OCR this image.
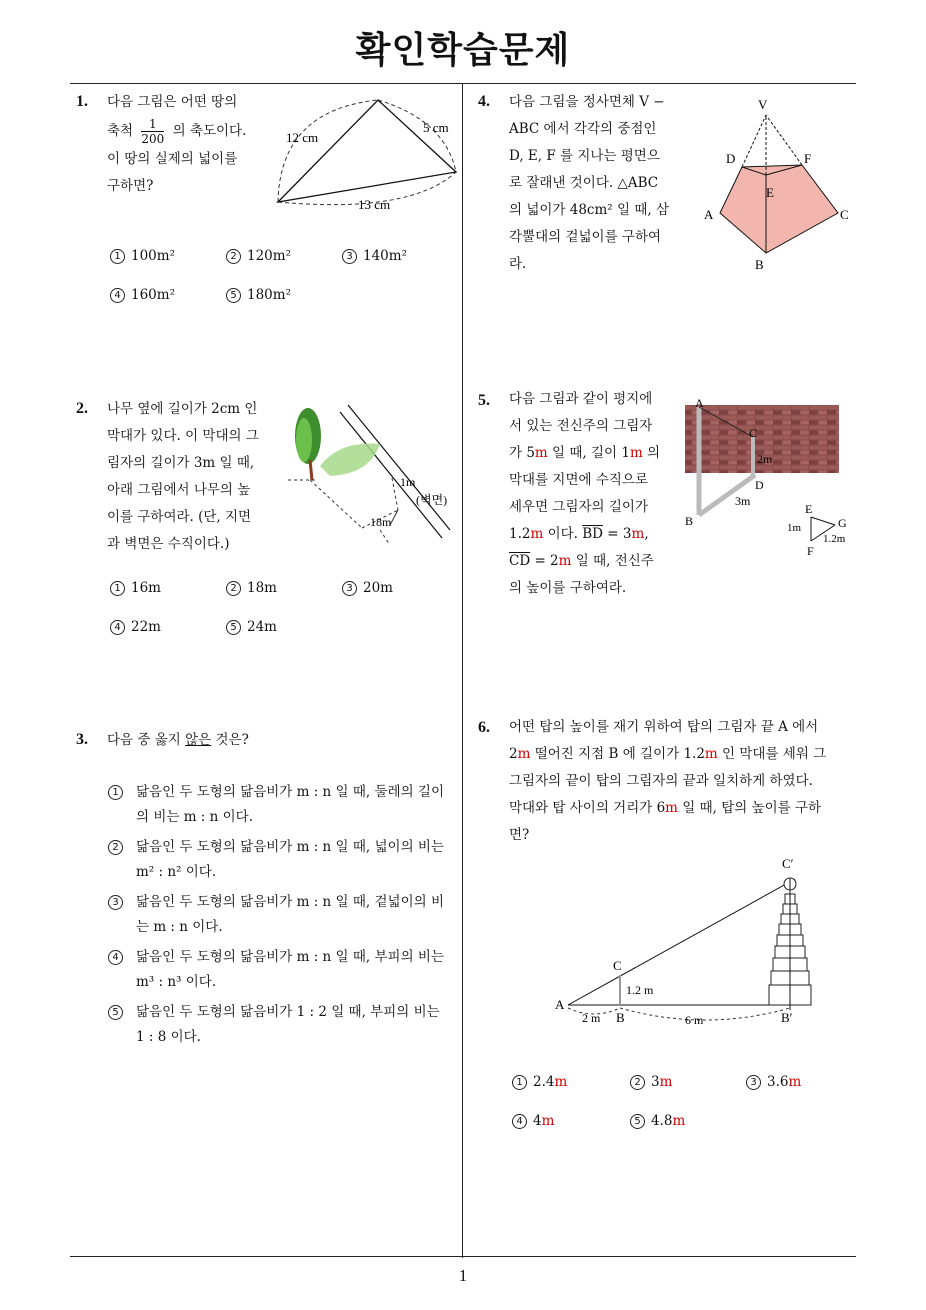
확인학습문제
1
1. 다음 그림은 어떤 땅의
축척 $\frac{1}{200}$ 의 축도이다.
이 땅의 실제의 넓이를
구하면?
12 cm
5 cm
13 cm
1 100m²	2 120m²	3 140m²
4 160m²	5 180m²
2. 나무 옆에 길이가 2cm 인
막대가 있다. 이 막대의 그
림자의 길이가 3m 일 때,
아래 그림에서 나무의 높
이를 구하여라. (단, 지면
과 벽면은 수직이다.)
1m
(벽면)
18m
1 16m	2 18m	3 20m
4 22m	5 24m
3. 다음 중 옳지 않은 것은?
1	닮음인 두 도형의 닮음비가 m : n 일 때, 둘레의 길이의 비는 m : n 이다.
2	닮음인 두 도형의 닮음비가 m : n 일 때, 넓이의 비는 m² : n² 이다.
3	닮음인 두 도형의 닮음비가 m : n 일 때, 겉넓이의 비는 m : n 이다.
4	닮음인 두 도형의 닮음비가 m : n 일 때, 부피의 비는 m³ : n³ 이다.
5	닮음인 두 도형의 닮음비가 1 : 2 일 때, 부피의 비는 1 : 8 이다.
4. 다음 그림을 정사면체 V −
ABC 에서 각각의 중점인
D, E, F 를 지나는 평면으
로 잘래낸 것이다. △ABC
의 넓이가 48cm² 일 때, 삼
각뿔대의 겉넓이를 구하여
라.
V
D	F
E
A	C
B
5. 다음 그림과 같이 평지에
서 있는 전신주의 그림자
가 5m 일 때, 길이 1m 의
막대를 지면에 수직으로
세우면 그림자의 길이가
1.2m 이다. $\overline{BD} = 3m$,
$\overline{CD} = 2m$ 일 때, 전신주
의 높이를 구하여라.
A
C
2m
D
3m
B
E
G
F
1m
1.2m
6. 어떤 탑의 높이를 재기 위하여 탑의 그림자 끝 A 에서
2m 떨어진 지점 B 에 길이가 1.2m 인 막대를 세워 그
그림자의 끝이 탑의 그림자의 끝과 일치하게 하였다.
막대와 탑 사이의 거리가 6m 일 때, 탑의 높이를 구하
면?
C′
C
A
B	B′
1.2 m
2 m	6 m
1 2.4m	2 3m	3 3.6m
4 4m	5 4.8m
